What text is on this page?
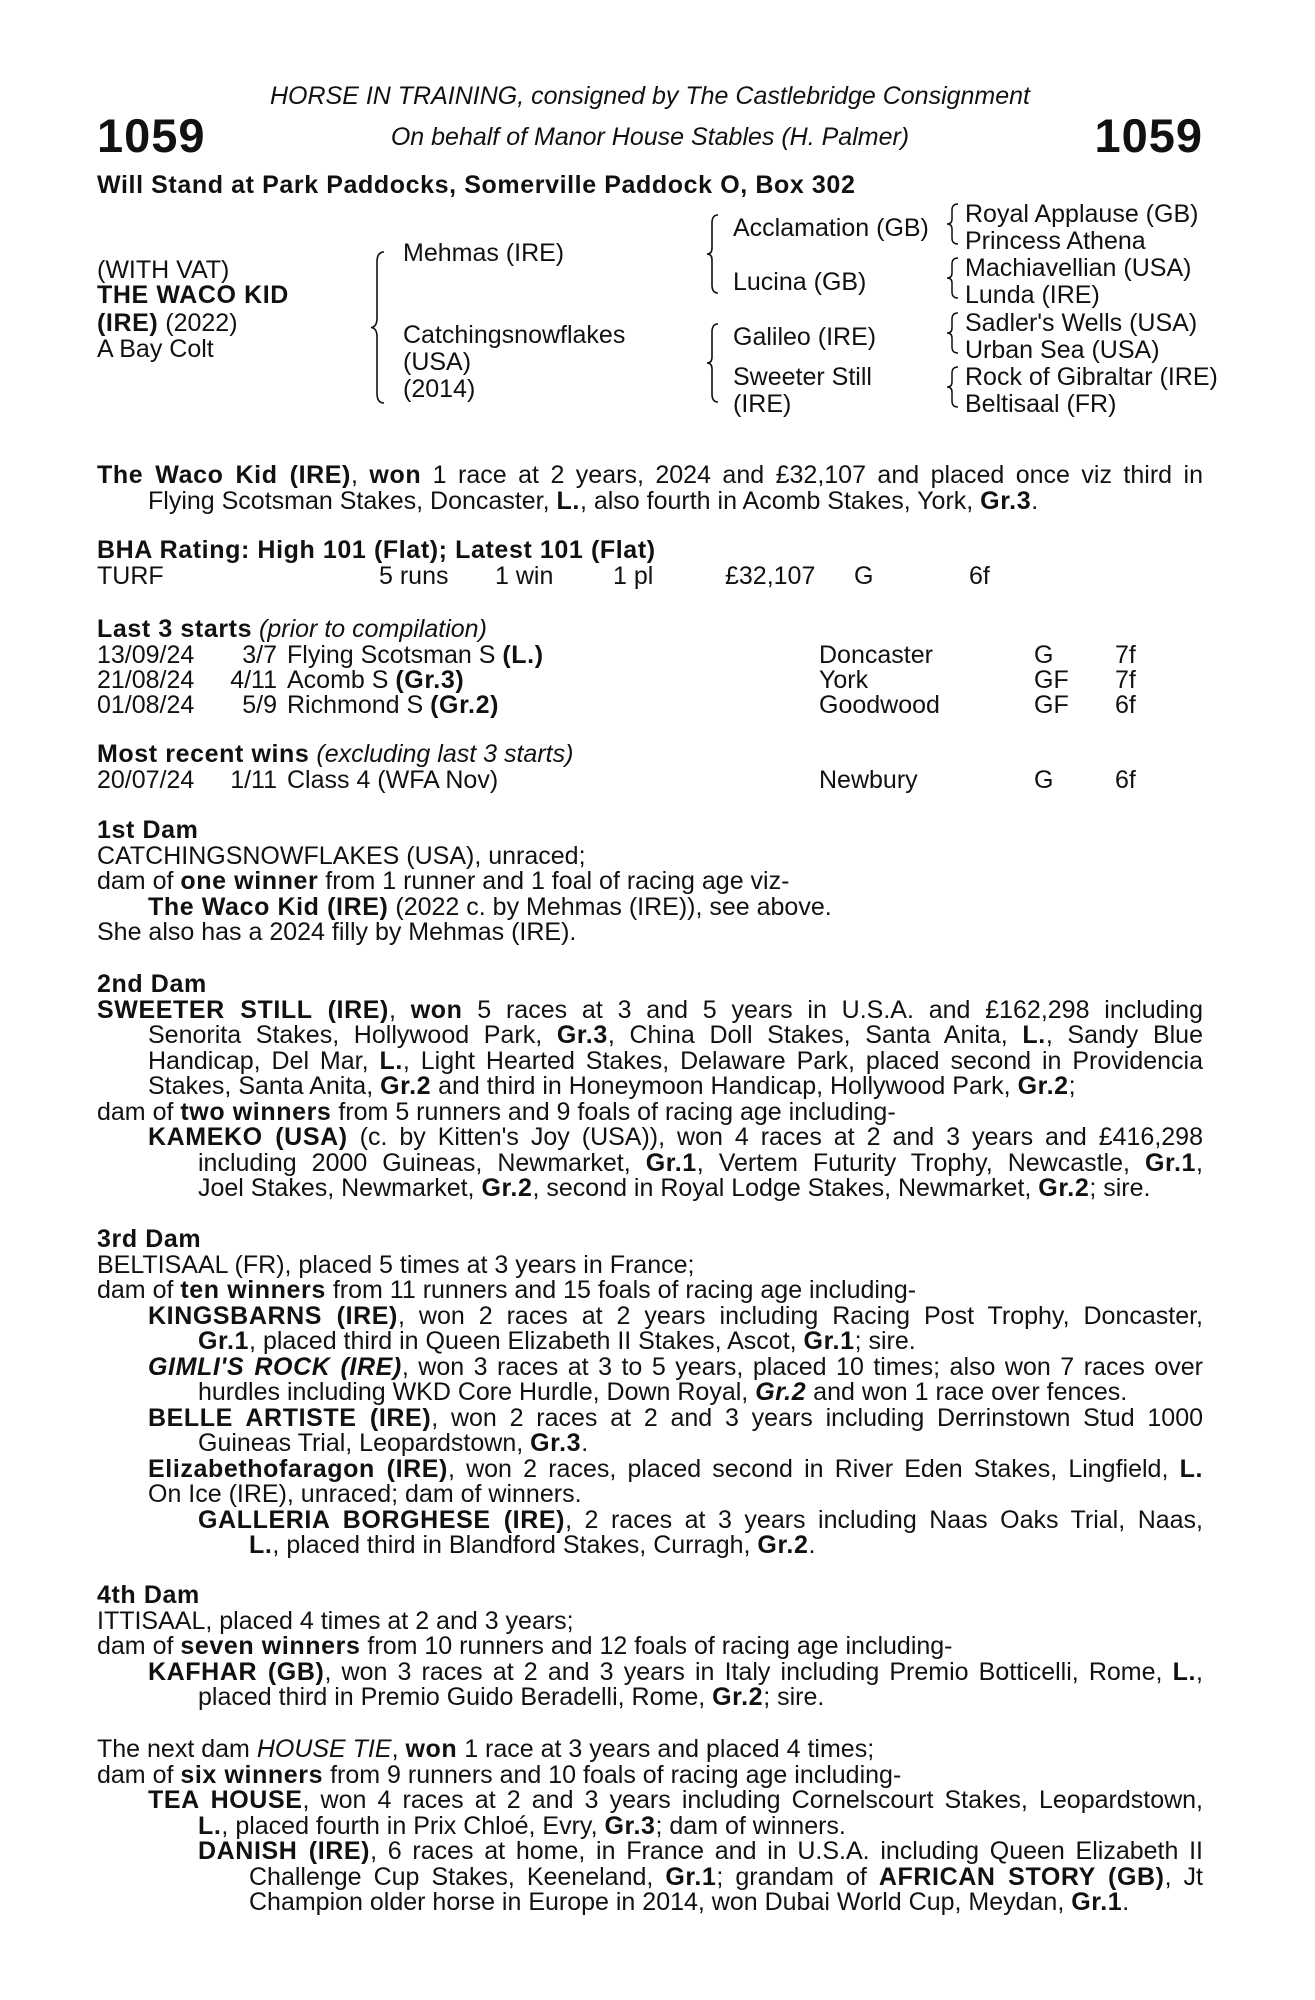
1059	1059
HORSE IN TRAINING, consigned by The Castlebridge Consignment
On behalf of Manor House Stables (H. Palmer)
Will Stand at Park Paddocks, Somerville Paddock O, Box 302
(WITH VAT)
THE WACO KID
(IRE) (2022)
A Bay Colt
Mehmas (IRE)
Catchingsnowflakes
(USA)
(2014)
Acclamation (GB)
Lucina (GB)
Galileo (IRE)
Sweeter Still
(IRE)
Royal Applause (GB)
Princess Athena
Machiavellian (USA)
Lunda (IRE)
Sadler's Wells (USA)
Urban Sea (USA)
Rock of Gibraltar (IRE)
Beltisaal (FR)
The Waco Kid (IRE), won 1 race at 2 years, 2024 and £32,107 and placed once viz third in
Flying Scotsman Stakes, Doncaster, L., also fourth in Acomb Stakes, York, Gr.3.
BHA Rating: High 101 (Flat); Latest 101 (Flat)
TURF	5 runs 1 win 1 pl	£32,107 G	6f
Last 3 starts (prior to compilation)
13/09/24 3/7 Flying Scotsman S (L.)	Doncaster	G 7f
21/08/24 4/11 Acomb S (Gr.3)	York	GF 7f
01/08/24 5/9 Richmond S (Gr.2)	Goodwood	GF 6f
Most recent wins (excluding last 3 starts)
20/07/24 1/11 Class 4 (WFA Nov)	Newbury	G 6f
1st Dam
CATCHINGSNOWFLAKES (USA), unraced;
dam of one winner from 1 runner and 1 foal of racing age viz-
The Waco Kid (IRE) (2022 c. by Mehmas (IRE)), see above.
She also has a 2024 filly by Mehmas (IRE).
2nd Dam
SWEETER STILL (IRE), won 5 races at 3 and 5 years in U.S.A. and £162,298 including
Senorita Stakes, Hollywood Park, Gr.3, China Doll Stakes, Santa Anita, L., Sandy Blue
Handicap, Del Mar, L., Light Hearted Stakes, Delaware Park, placed second in Providencia
Stakes, Santa Anita, Gr.2 and third in Honeymoon Handicap, Hollywood Park, Gr.2;
dam of two winners from 5 runners and 9 foals of racing age including-
KAMEKO (USA) (c. by Kitten's Joy (USA)), won 4 races at 2 and 3 years and £416,298
including 2000 Guineas, Newmarket, Gr.1, Vertem Futurity Trophy, Newcastle, Gr.1,
Joel Stakes, Newmarket, Gr.2, second in Royal Lodge Stakes, Newmarket, Gr.2; sire.
3rd Dam
BELTISAAL (FR), placed 5 times at 3 years in France;
dam of ten winners from 11 runners and 15 foals of racing age including-
KINGSBARNS (IRE), won 2 races at 2 years including Racing Post Trophy, Doncaster,
Gr.1, placed third in Queen Elizabeth II Stakes, Ascot, Gr.1; sire.
GIMLI'S ROCK (IRE), won 3 races at 3 to 5 years, placed 10 times; also won 7 races over
hurdles including WKD Core Hurdle, Down Royal, Gr.2 and won 1 race over fences.
BELLE ARTISTE (IRE), won 2 races at 2 and 3 years including Derrinstown Stud 1000
Guineas Trial, Leopardstown, Gr.3.
Elizabethofaragon (IRE), won 2 races, placed second in River Eden Stakes, Lingfield, L.
On Ice (IRE), unraced; dam of winners.
GALLERIA BORGHESE (IRE), 2 races at 3 years including Naas Oaks Trial, Naas,
L., placed third in Blandford Stakes, Curragh, Gr.2.
4th Dam
ITTISAAL, placed 4 times at 2 and 3 years;
dam of seven winners from 10 runners and 12 foals of racing age including-
KAFHAR (GB), won 3 races at 2 and 3 years in Italy including Premio Botticelli, Rome, L.,
placed third in Premio Guido Beradelli, Rome, Gr.2; sire.
The next dam HOUSE TIE, won 1 race at 3 years and placed 4 times;
dam of six winners from 9 runners and 10 foals of racing age including-
TEA HOUSE, won 4 races at 2 and 3 years including Cornelscourt Stakes, Leopardstown,
L., placed fourth in Prix Chloé, Evry, Gr.3; dam of winners.
DANISH (IRE), 6 races at home, in France and in U.S.A. including Queen Elizabeth II
Challenge Cup Stakes, Keeneland, Gr.1; grandam of AFRICAN STORY (GB), Jt
Champion older horse in Europe in 2014, won Dubai World Cup, Meydan, Gr.1.
